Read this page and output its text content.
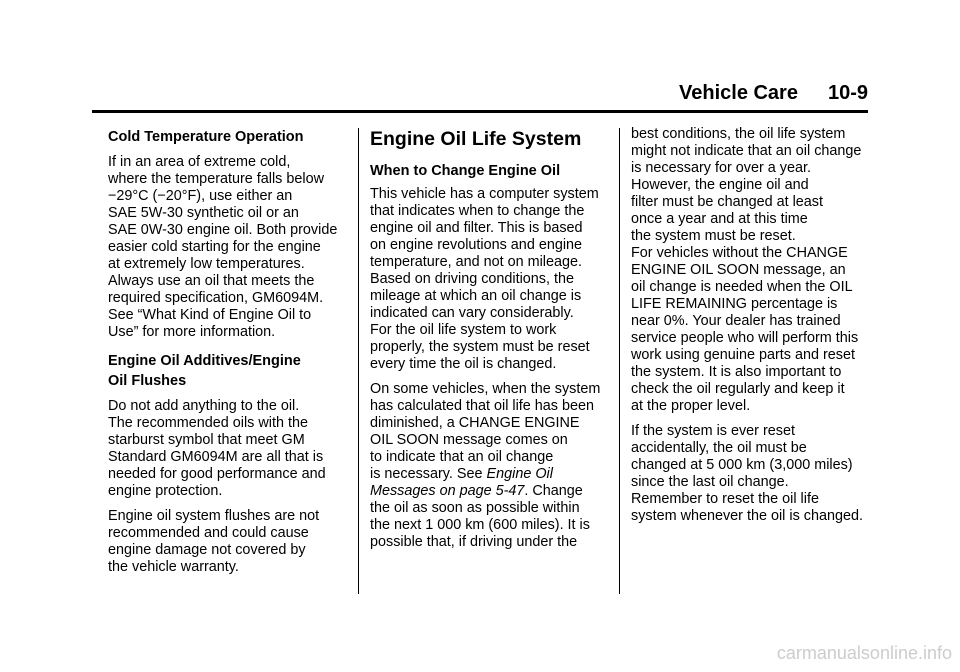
Vehicle Care 10-9
Cold Temperature Operation

If in an area of extreme cold,
where the temperature falls below
−29°C (−20°F), use either an
SAE 5W-30 synthetic oil or an
SAE 0W-30 engine oil. Both provide
easier cold starting for the engine
at extremely low temperatures.
Always use an oil that meets the
required specification, GM6094M.
See “What Kind of Engine Oil to
Use” for more information.

Engine Oil Additives/Engine
Oil Flushes

Do not add anything to the oil.
The recommended oils with the
starburst symbol that meet GM
Standard GM6094M are all that is
needed for good performance and
engine protection.

Engine oil system flushes are not
recommended and could cause
engine damage not covered by
the vehicle warranty.

Engine Oil Life System
When to Change Engine Oil

This vehicle has a computer system
that indicates when to change the
engine oil and filter. This is based
on engine revolutions and engine
temperature, and not on mileage.
Based on driving conditions, the
mileage at which an oil change is
indicated can vary considerably.
For the oil life system to work
properly, the system must be reset
every time the oil is changed.

On some vehicles, when the system
has calculated that oil life has been
diminished, a CHANGE ENGINE
OIL SOON message comes on
to indicate that an oil change
is necessary. See Engine Oil
Messages on page 5‑47. Change
the oil as soon as possible within
the next 1 000 km (600 miles). It is
possible that, if driving under the

best conditions, the oil life system
might not indicate that an oil change
is necessary for over a year.
However, the engine oil and
filter must be changed at least
once a year and at this time
the system must be reset.
For vehicles without the CHANGE
ENGINE OIL SOON message, an
oil change is needed when the OIL
LIFE REMAINING percentage is
near 0%. Your dealer has trained
service people who will perform this
work using genuine parts and reset
the system. It is also important to
check the oil regularly and keep it
at the proper level.

If the system is ever reset
accidentally, the oil must be
changed at 5 000 km (3,000 miles)
since the last oil change.
Remember to reset the oil life
system whenever the oil is changed.

carmanualsonline.info
